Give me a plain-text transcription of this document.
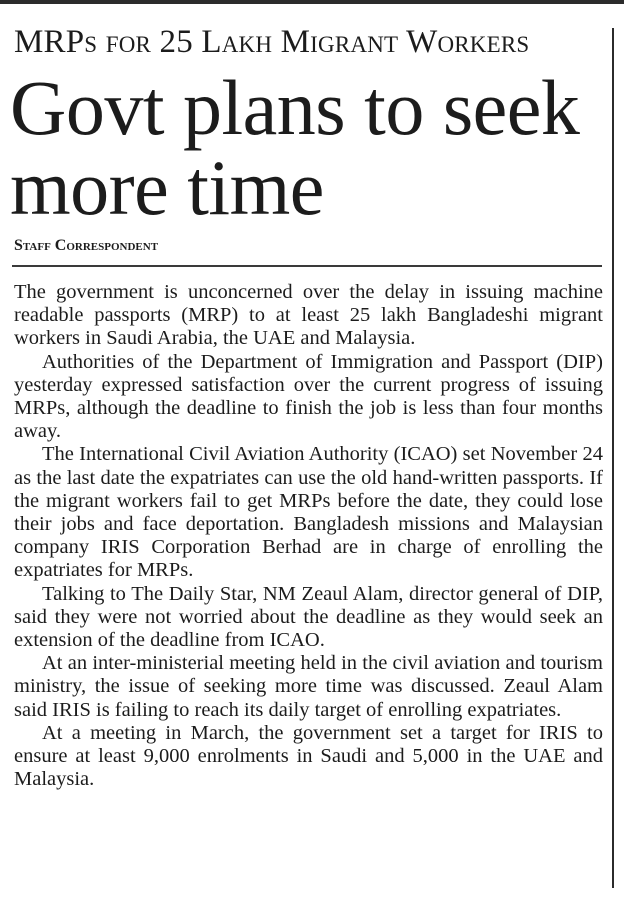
MRPs for 25 Lakh Migrant Workers
Govt plans to seek more time
Staff Correspondent

The government is unconcerned over the delay in issuing machine readable passports (MRP) to at least 25 lakh Bangladeshi migrant workers in Saudi Arabia, the UAE and Malaysia.

Authorities of the Department of Immigration and Passport (DIP) yesterday expressed satisfaction over the current progress of issuing MRPs, although the deadline to finish the job is less than four months away.

The International Civil Aviation Authority (ICAO) set November 24 as the last date the expatriates can use the old hand-written passports. If the migrant workers fail to get MRPs before the date, they could lose their jobs and face deportation. Bangladesh missions and Malaysian company IRIS Corporation Berhad are in charge of enrolling the expatriates for MRPs.

Talking to The Daily Star, NM Zeaul Alam, director general of DIP, said they were not worried about the deadline as they would seek an extension of the deadline from ICAO.

At an inter-ministerial meeting held in the civil aviation and tourism ministry, the issue of seeking more time was discussed. Zeaul Alam said IRIS is failing to reach its daily target of enrolling expatriates.

At a meeting in March, the government set a target for IRIS to ensure at least 9,000 enrolments in Saudi and 5,000 in the UAE and Malaysia.
